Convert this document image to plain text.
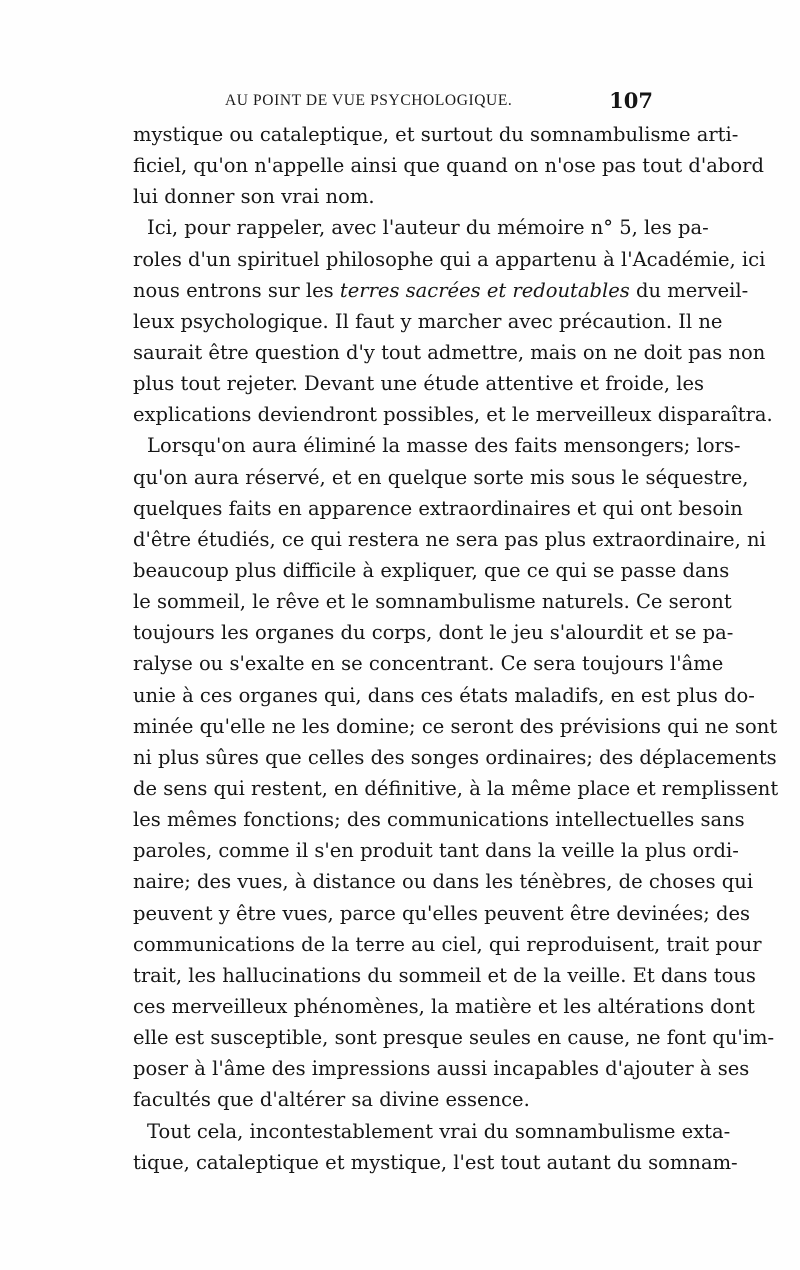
AU POINT DE VUE PSYCHOLOGIQUE.	107
mystique ou cataleptique, et surtout du somnambulisme arti-
ficiel, qu'on n'appelle ainsi que quand on n'ose pas tout d'abord
lui donner son vrai nom.
Ici, pour rappeler, avec l'auteur du mémoire n° 5, les pa-
roles d'un spirituel philosophe qui a appartenu à l'Académie, ici
nous entrons sur les terres sacrées et redoutables du merveil-
leux psychologique. Il faut y marcher avec précaution. Il ne
saurait être question d'y tout admettre, mais on ne doit pas non
plus tout rejeter. Devant une étude attentive et froide, les
explications deviendront possibles, et le merveilleux disparaîtra.
Lorsqu'on aura éliminé la masse des faits mensongers; lors-
qu'on aura réservé, et en quelque sorte mis sous le séquestre,
quelques faits en apparence extraordinaires et qui ont besoin
d'être étudiés, ce qui restera ne sera pas plus extraordinaire, ni
beaucoup plus difficile à expliquer, que ce qui se passe dans
le sommeil, le rêve et le somnambulisme naturels. Ce seront
toujours les organes du corps, dont le jeu s'alourdit et se pa-
ralyse ou s'exalte en se concentrant. Ce sera toujours l'âme
unie à ces organes qui, dans ces états maladifs, en est plus do-
minée qu'elle ne les domine; ce seront des prévisions qui ne sont
ni plus sûres que celles des songes ordinaires; des déplacements
de sens qui restent, en définitive, à la même place et remplissent
les mêmes fonctions; des communications intellectuelles sans
paroles, comme il s'en produit tant dans la veille la plus ordi-
naire; des vues, à distance ou dans les ténèbres, de choses qui
peuvent y être vues, parce qu'elles peuvent être devinées; des
communications de la terre au ciel, qui reproduisent, trait pour
trait, les hallucinations du sommeil et de la veille. Et dans tous
ces merveilleux phénomènes, la matière et les altérations dont
elle est susceptible, sont presque seules en cause, ne font qu'im-
poser à l'âme des impressions aussi incapables d'ajouter à ses
facultés que d'altérer sa divine essence.
Tout cela, incontestablement vrai du somnambulisme exta-
tique, cataleptique et mystique, l'est tout autant du somnam-
